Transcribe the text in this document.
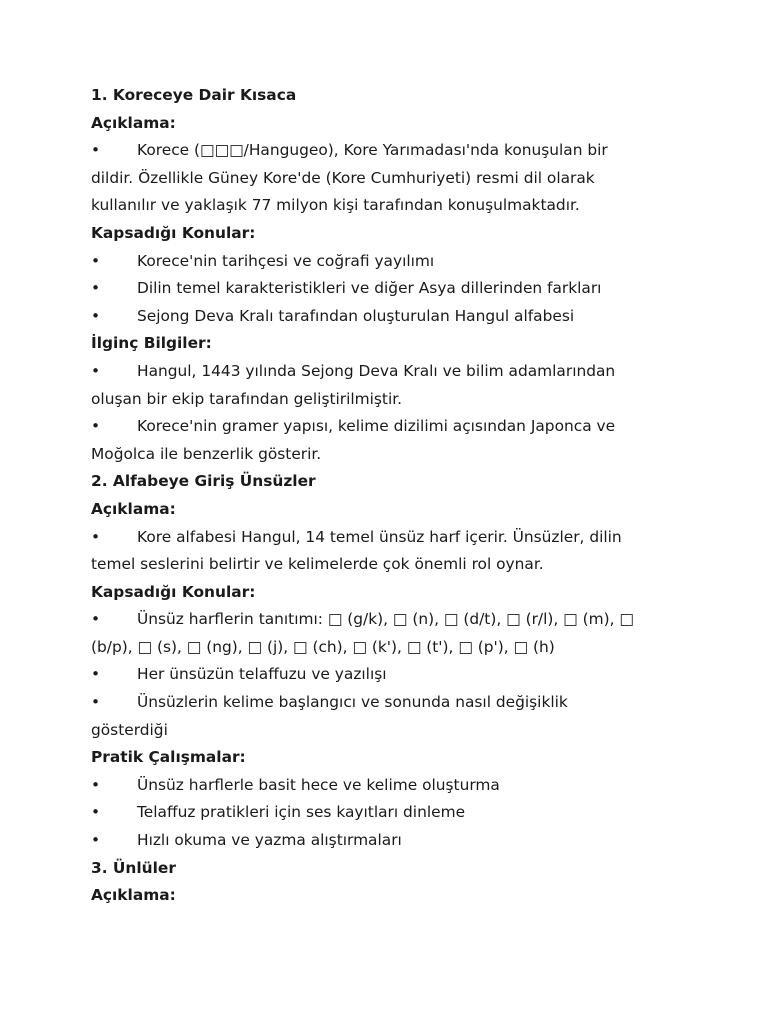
1. Koreceye Dair Kısaca
Açıklama:
• Korece (□□□/Hangugeo), Kore Yarımadası'nda konuşulan bir
dildir. Özellikle Güney Kore'de (Kore Cumhuriyeti) resmi dil olarak
kullanılır ve yaklaşık 77 milyon kişi tarafından konuşulmaktadır.
Kapsadığı Konular:
• Korece'nin tarihçesi ve coğrafi yayılımı
• Dilin temel karakteristikleri ve diğer Asya dillerinden farkları
• Sejong Deva Kralı tarafından oluşturulan Hangul alfabesi
İlginç Bilgiler:
• Hangul, 1443 yılında Sejong Deva Kralı ve bilim adamlarından
oluşan bir ekip tarafından geliştirilmiştir.
• Korece'nin gramer yapısı, kelime dizilimi açısından Japonca ve
Moğolca ile benzerlik gösterir.
2. Alfabeye Giriş Ünsüzler
Açıklama:
• Kore alfabesi Hangul, 14 temel ünsüz harf içerir. Ünsüzler, dilin
temel seslerini belirtir ve kelimelerde çok önemli rol oynar.
Kapsadığı Konular:
• Ünsüz harflerin tanıtımı: □ (g/k), □ (n), □ (d/t), □ (r/l), □ (m), □
(b/p), □ (s), □ (ng), □ (j), □ (ch), □ (k'), □ (t'), □ (p'), □ (h)
• Her ünsüzün telaffuzu ve yazılışı
• Ünsüzlerin kelime başlangıcı ve sonunda nasıl değişiklik
gösterdiği
Pratik Çalışmalar:
• Ünsüz harflerle basit hece ve kelime oluşturma
• Telaffuz pratikleri için ses kayıtları dinleme
• Hızlı okuma ve yazma alıştırmaları
3. Ünlüler
Açıklama:
